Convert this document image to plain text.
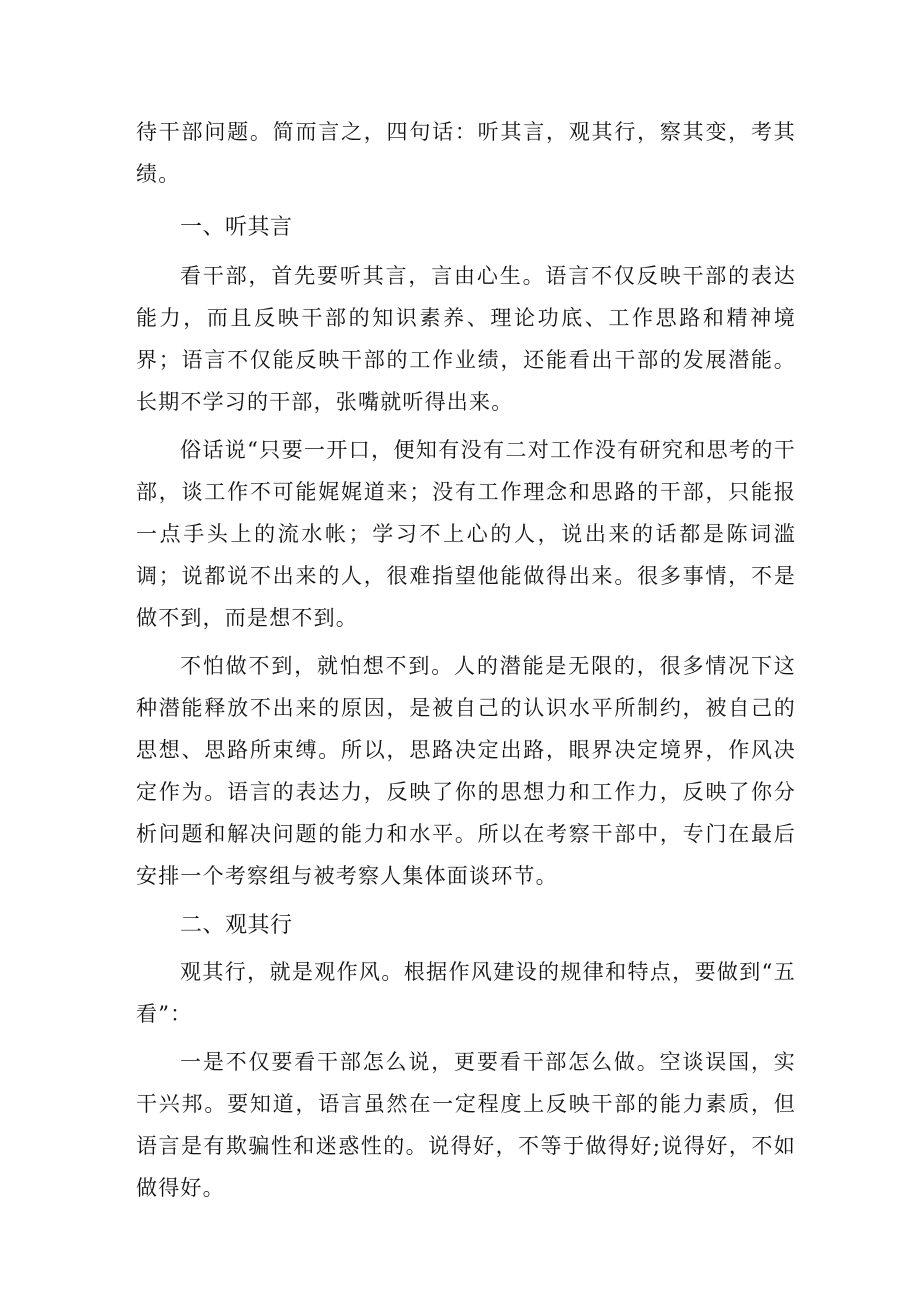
待干部问题。简而言之，四句话：听其言，观其行，察其变，考其绩。

一、听其言

看干部，首先要听其言，言由心生。语言不仅反映干部的表达能力，而且反映干部的知识素养、理论功底、工作思路和精神境界；语言不仅能反映干部的工作业绩，还能看出干部的发展潜能。长期不学习的干部，张嘴就听得出来。

俗话说“只要一开口，便知有没有二对工作没有研究和思考的干部，谈工作不可能娓娓道来；没有工作理念和思路的干部，只能报一点手头上的流水帐；学习不上心的人，说出来的话都是陈词滥调；说都说不出来的人，很难指望他能做得出来。很多事情，不是做不到，而是想不到。

不怕做不到，就怕想不到。人的潜能是无限的，很多情况下这种潜能释放不出来的原因，是被自己的认识水平所制约，被自己的思想、思路所束缚。所以，思路决定出路，眼界决定境界，作风决定作为。语言的表达力，反映了你的思想力和工作力，反映了你分析问题和解决问题的能力和水平。所以在考察干部中，专门在最后安排一个考察组与被考察人集体面谈环节。

二、观其行

观其行，就是观作风。根据作风建设的规律和特点，要做到“五看”：

一是不仅要看干部怎么说，更要看干部怎么做。空谈误国，实干兴邦。要知道，语言虽然在一定程度上反映干部的能力素质，但语言是有欺骗性和迷惑性的。说得好，不等于做得好;说得好，不如做得好。
